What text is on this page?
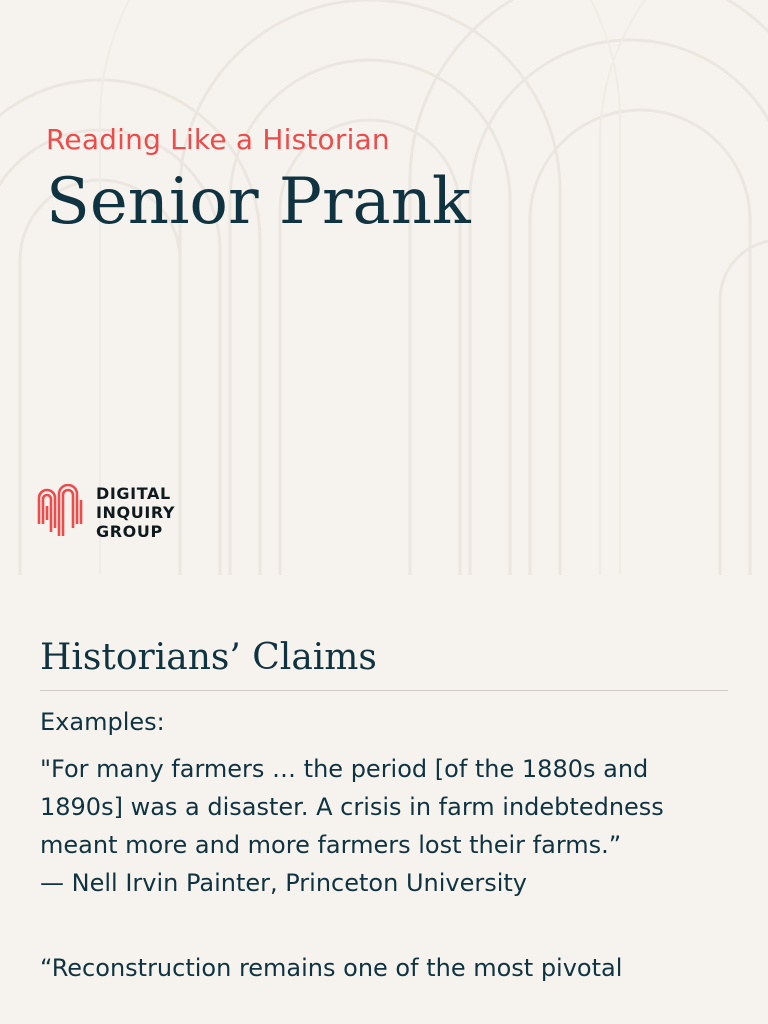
Reading Like a Historian
Senior Prank
DIGITAL
INQUIRY
GROUP
Historians’ Claims
Examples:
"For many farmers … the period [of the 1880s and 1890s] was a disaster. A crisis in farm indebtedness meant more and more farmers lost their farms.”
— Nell Irvin Painter, Princeton University
“Reconstruction remains one of the most pivotal
